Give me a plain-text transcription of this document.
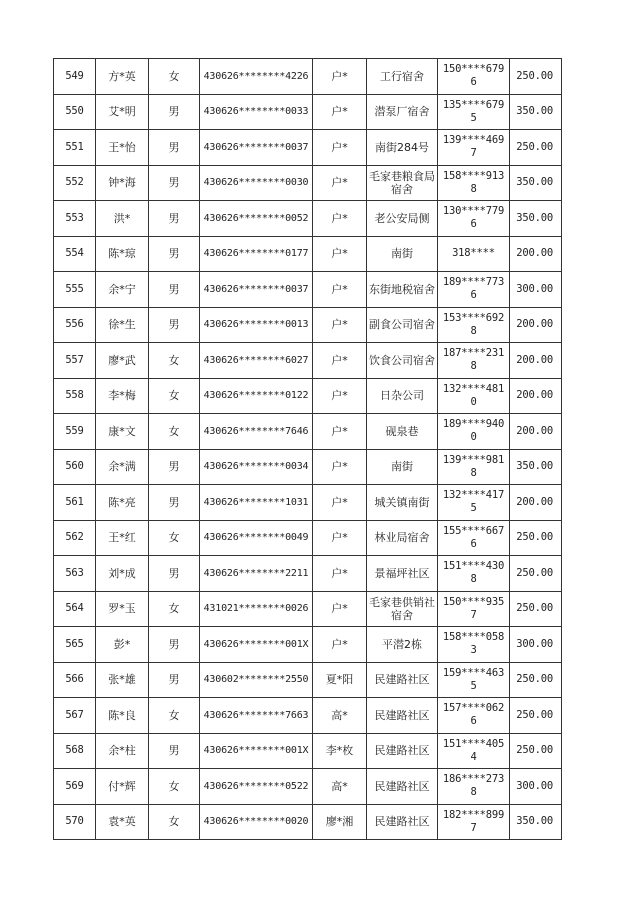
549	方*英	女	430626********4226	户*	工行宿舍	150****6796	250.00
550	艾*明	男	430626********0033	户*	潜泵厂宿舍	135****6795	350.00
551	王*怡	男	430626********0037	户*	南街284号	139****4697	250.00
552	钟*海	男	430626********0030	户*	毛家巷粮食局宿舍	158****9138	350.00
553	洪*	男	430626********0052	户*	老公安局侧	130****7796	350.00
554	陈*琼	男	430626********0177	户*	南街	318****	200.00
555	余*宁	男	430626********0037	户*	东街地税宿舍	189****7736	300.00
556	徐*生	男	430626********0013	户*	副食公司宿舍	153****6928	200.00
557	廖*武	女	430626********6027	户*	饮食公司宿舍	187****2318	200.00
558	李*梅	女	430626********0122	户*	日杂公司	132****4810	200.00
559	康*文	女	430626********7646	户*	砚泉巷	189****9400	200.00
560	余*满	男	430626********0034	户*	南街	139****9818	350.00
561	陈*亮	男	430626********1031	户*	城关镇南街	132****4175	200.00
562	王*红	女	430626********0049	户*	林业局宿舍	155****6676	250.00
563	刘*成	男	430626********2211	户*	景福坪社区	151****4308	250.00
564	罗*玉	女	431021********0026	户*	毛家巷供销社宿舍	150****9357	250.00
565	彭*	男	430626********001X	户*	平潜2栋	158****0583	300.00
566	张*雄	男	430602********2550	夏*阳	民建路社区	159****4635	250.00
567	陈*良	女	430626********7663	高*	民建路社区	157****0626	250.00
568	余*柱	男	430626********001X	李*枚	民建路社区	151****4054	250.00
569	付*辉	女	430626********0522	高*	民建路社区	186****2738	300.00
570	袁*英	女	430626********0020	廖*湘	民建路社区	182****8997	350.00
